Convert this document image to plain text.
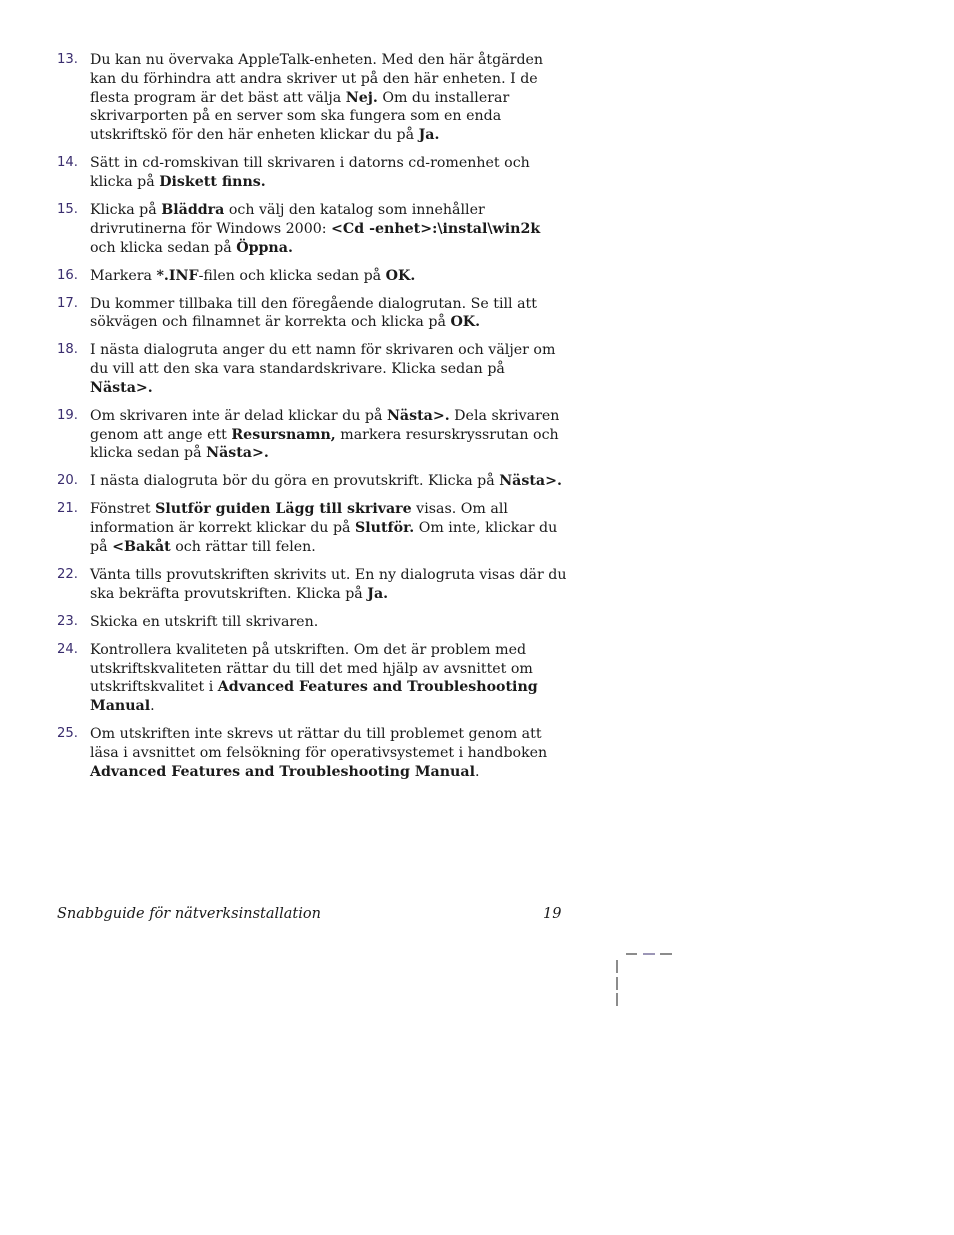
13. Du kan nu övervaka AppleTalk-enheten. Med den här åtgärden kan du förhindra att andra skriver ut på den här enheten. I de flesta program är det bäst att välja Nej. Om du installerar skrivarporten på en server som ska fungera som en enda utskriftskö för den här enheten klickar du på Ja.
14. Sätt in cd-romskivan till skrivaren i datorns cd-romenhet och klicka på Diskett finns.
15. Klicka på Bläddra och välj den katalog som innehåller drivrutinerna för Windows 2000: <Cd -enhet>:\instal\win2k och klicka sedan på Öppna.
16. Markera *.INF-filen och klicka sedan på OK.
17. Du kommer tillbaka till den föregående dialogrutan. Se till att sökvägen och filnamnet är korrekta och klicka på OK.
18. I nästa dialogruta anger du ett namn för skrivaren och väljer om du vill att den ska vara standardskrivare. Klicka sedan på Nästa>.
19. Om skrivaren inte är delad klickar du på Nästa>. Dela skrivaren genom att ange ett Resursnamn, markera resurskryssrutan och klicka sedan på Nästa>.
20. I nästa dialogruta bör du göra en provutskrift. Klicka på Nästa>.
21. Fönstret Slutför guiden Lägg till skrivare visas. Om all information är korrekt klickar du på Slutför. Om inte, klickar du på <Bakåt och rättar till felen.
22. Vänta tills provutskriften skrivits ut. En ny dialogruta visas där du ska bekräfta provutskriften. Klicka på Ja.
23. Skicka en utskrift till skrivaren.
24. Kontrollera kvaliteten på utskriften. Om det är problem med utskriftskvaliteten rättar du till det med hjälp av avsnittet om utskriftskvalitet i Advanced Features and Troubleshooting Manual.
25. Om utskriften inte skrevs ut rättar du till problemet genom att läsa i avsnittet om felsökning för operativsystemet i handboken Advanced Features and Troubleshooting Manual.
Snabbguide för nätverksinstallation	19
